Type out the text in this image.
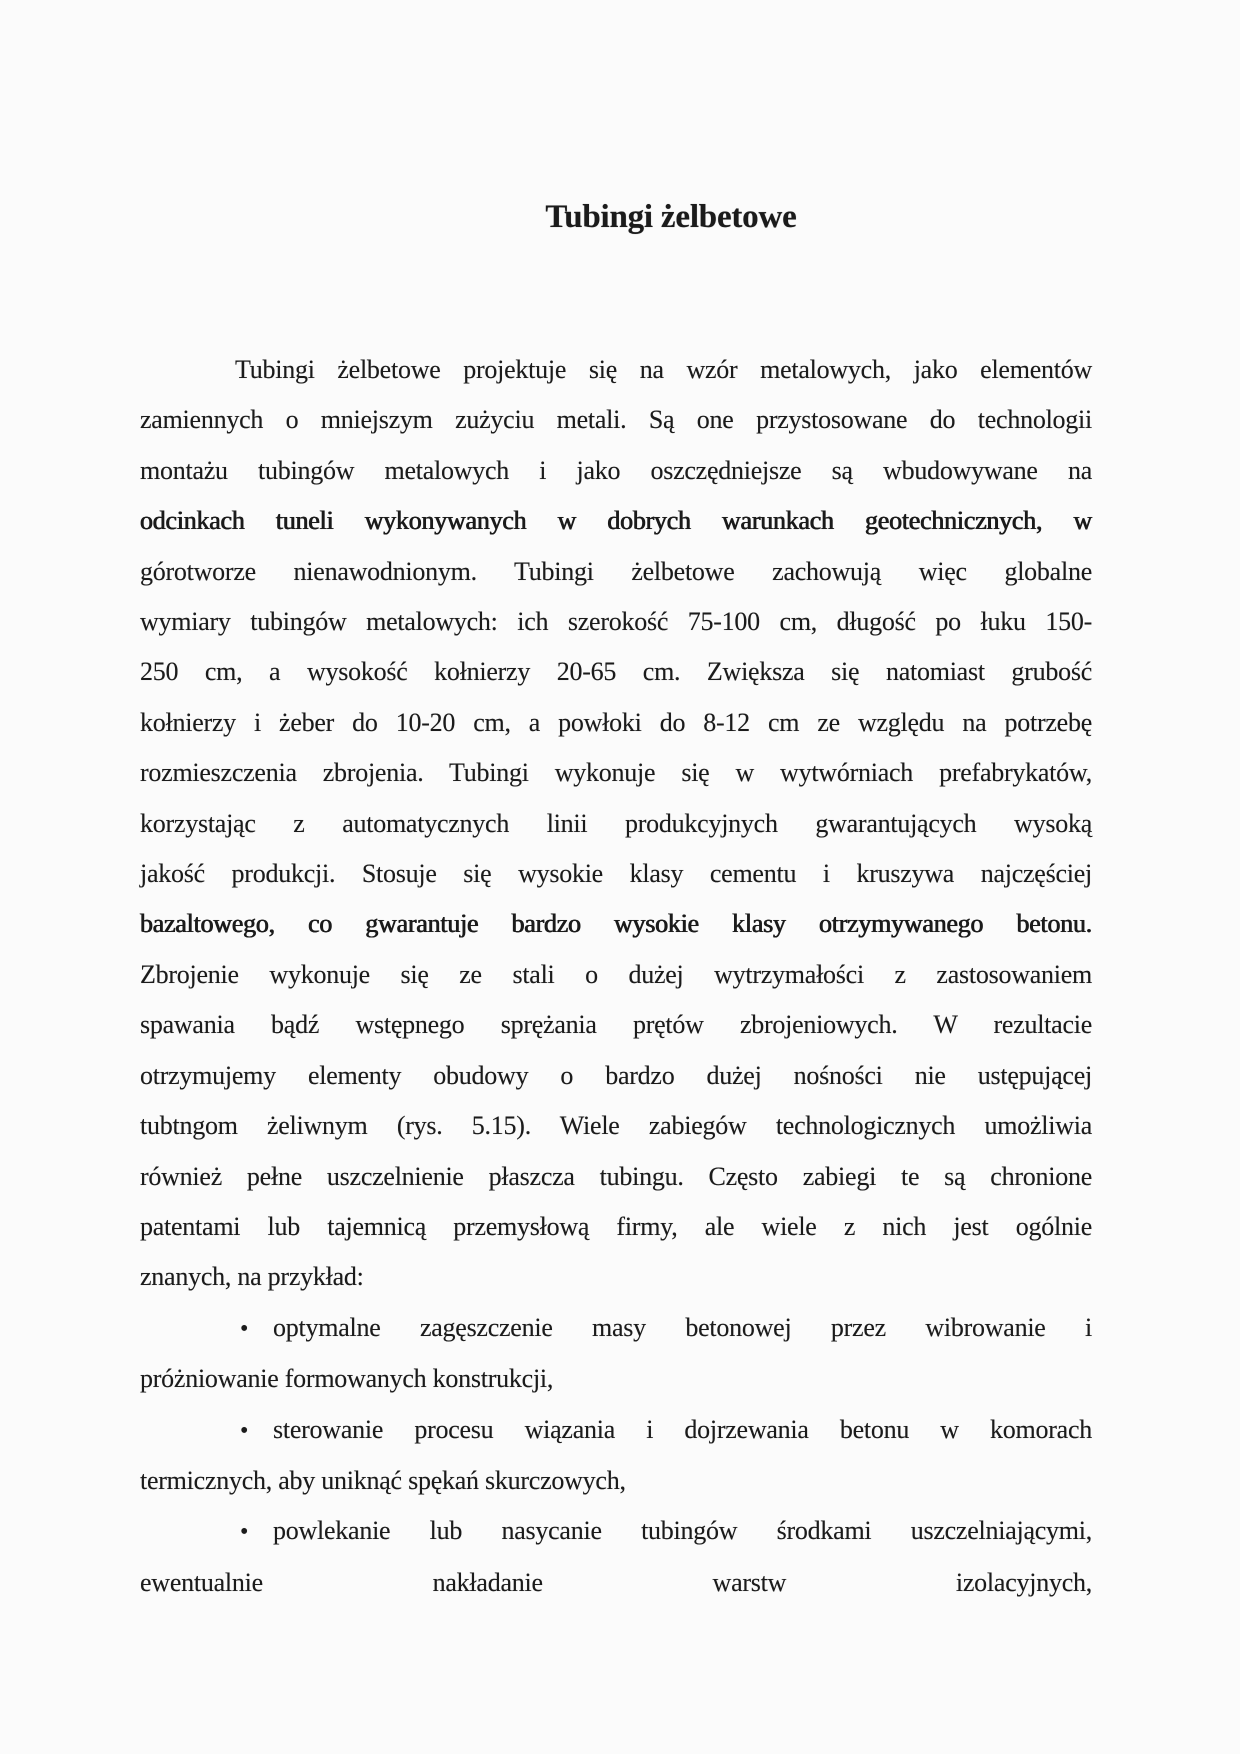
Tubingi żelbetowe
Tubingi żelbetowe projektuje się na wzór metalowych, jako elementów
zamiennych o mniejszym zużyciu metali. Są one przystosowane do technologii
montażu tubingów metalowych i jako oszczędniejsze są wbudowywane na
odcinkach tuneli wykonywanych w dobrych warunkach geotechnicznych, w
górotworze nienawodnionym. Tubingi żelbetowe zachowują więc globalne
wymiary tubingów metalowych: ich szerokość 75-100 cm, długość po łuku 150-
250 cm, a wysokość kołnierzy 20-65 cm. Zwiększa się natomiast grubość
kołnierzy i żeber do 10-20 cm, a powłoki do 8-12 cm ze względu na potrzebę
rozmieszczenia zbrojenia. Tubingi wykonuje się w wytwórniach prefabrykatów,
korzystając z automatycznych linii produkcyjnych gwarantujących wysoką
jakość produkcji. Stosuje się wysokie klasy cementu i kruszywa najczęściej
bazaltowego, co gwarantuje bardzo wysokie klasy otrzymywanego betonu.
Zbrojenie wykonuje się ze stali o dużej wytrzymałości z zastosowaniem
spawania bądź wstępnego sprężania prętów zbrojeniowych. W rezultacie
otrzymujemy elementy obudowy o bardzo dużej nośności nie ustępującej
tubtngom żeliwnym (rys. 5.15). Wiele zabiegów technologicznych umożliwia
również pełne uszczelnienie płaszcza tubingu. Często zabiegi te są chronione
patentami lub tajemnicą przemysłową firmy, ale wiele z nich jest ogólnie
znanych, na przykład:
• optymalne zagęszczenie masy betonowej przez wibrowanie i
próżniowanie formowanych konstrukcji,
• sterowanie procesu wiązania i dojrzewania betonu w komorach
termicznych, aby uniknąć spękań skurczowych,
• powlekanie lub nasycanie tubingów środkami uszczelniającymi,
ewentualnie nakładanie warstw izolacyjnych,
